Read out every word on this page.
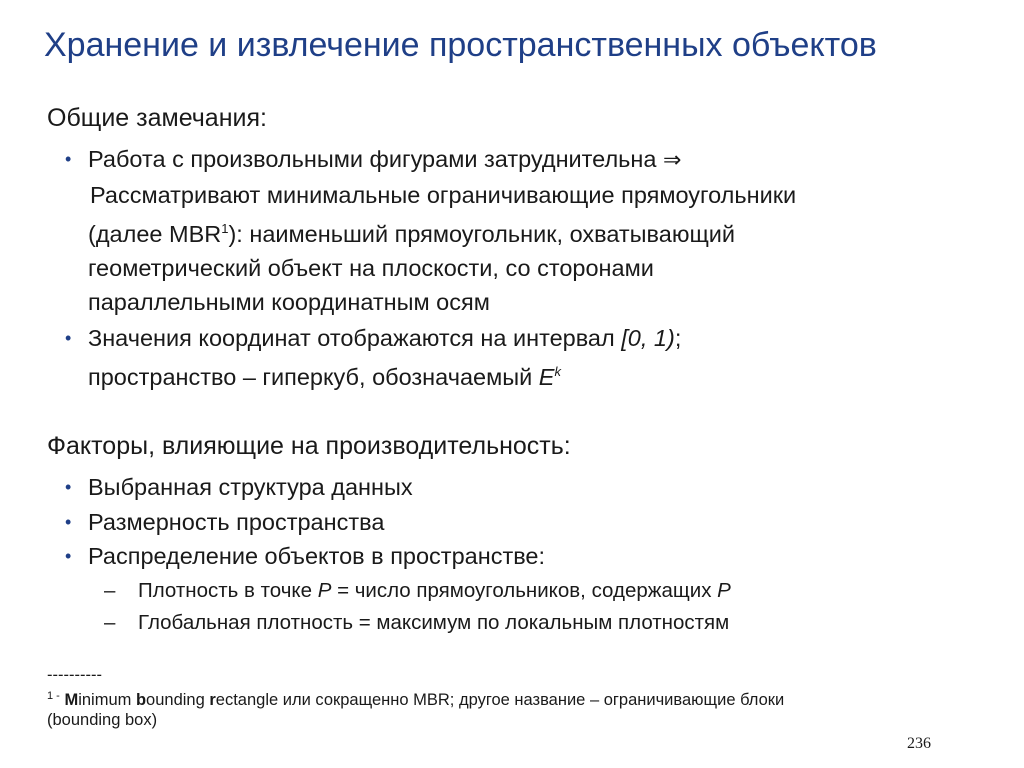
Хранение и извлечение пространственных объектов
Общие замечания:
• Работа с произвольными фигурами затруднительна ⇒
Рассматривают минимальные ограничивающие прямоугольники
(далее MBR$^1$): наименьший прямоугольник, охватывающий
геометрический объект на плоскости, со сторонами
параллельными координатным осям
• Значения координат отображаются на интервал [0, 1);
пространство – гиперкуб, обозначаемый $E^k$
Факторы, влияющие на производительность:
• Выбранная структура данных
• Размерность пространства
• Распределение объектов в пространстве:
– Плотность в точке P = число прямоугольников, содержащих P
– Глобальная плотность = максимум по локальным плотностям
----------
$^{1 -}$ Minimum bounding rectangle или сокращенно MBR; другое название – ограничивающие блоки
(bounding box)
236
